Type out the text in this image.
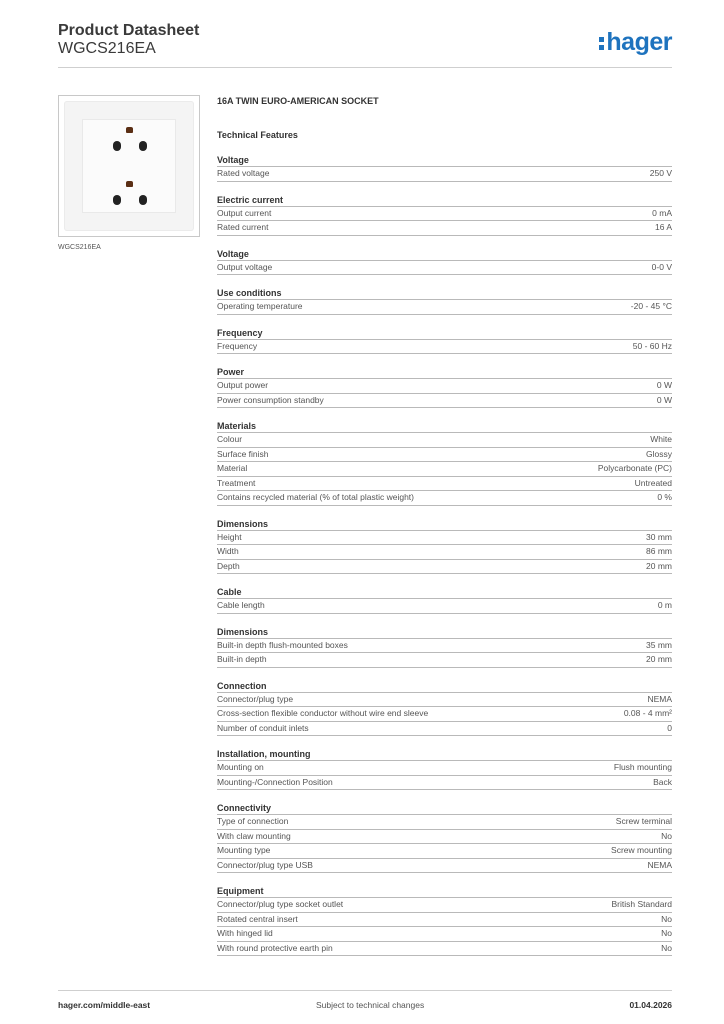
Product Datasheet
WGCS216EA	hager
WGCS216EA
16A TWIN EURO-AMERICAN SOCKET
Technical Features
Voltage
Rated voltage	250 V
Electric current
Output current	0 mA
Rated current	16 A
Voltage
Output voltage	0-0 V
Use conditions
Operating temperature	-20 - 45 °C
Frequency
Frequency	50 - 60 Hz
Power
Output power	0 W
Power consumption standby	0 W
Materials
Colour	White
Surface finish	Glossy
Material	Polycarbonate (PC)
Treatment	Untreated
Contains recycled material (% of total plastic weight)	0 %
Dimensions
Height	30 mm
Width	86 mm
Depth	20 mm
Cable
Cable length	0 m
Dimensions
Built-in depth flush-mounted boxes	35 mm
Built-in depth	20 mm
Connection
Connector/plug type	NEMA
Cross-section flexible conductor without wire end sleeve	0.08 - 4 mm²
Number of conduit inlets	0
Installation, mounting
Mounting on	Flush mounting
Mounting-/Connection Position	Back
Connectivity
Type of connection	Screw terminal
With claw mounting	No
Mounting type	Screw mounting
Connector/plug type USB	NEMA
Equipment
Connector/plug type socket outlet	British Standard
Rotated central insert	No
With hinged lid	No
With round protective earth pin	No
hager.com/middle-east	Subject to technical changes	01.04.2026
